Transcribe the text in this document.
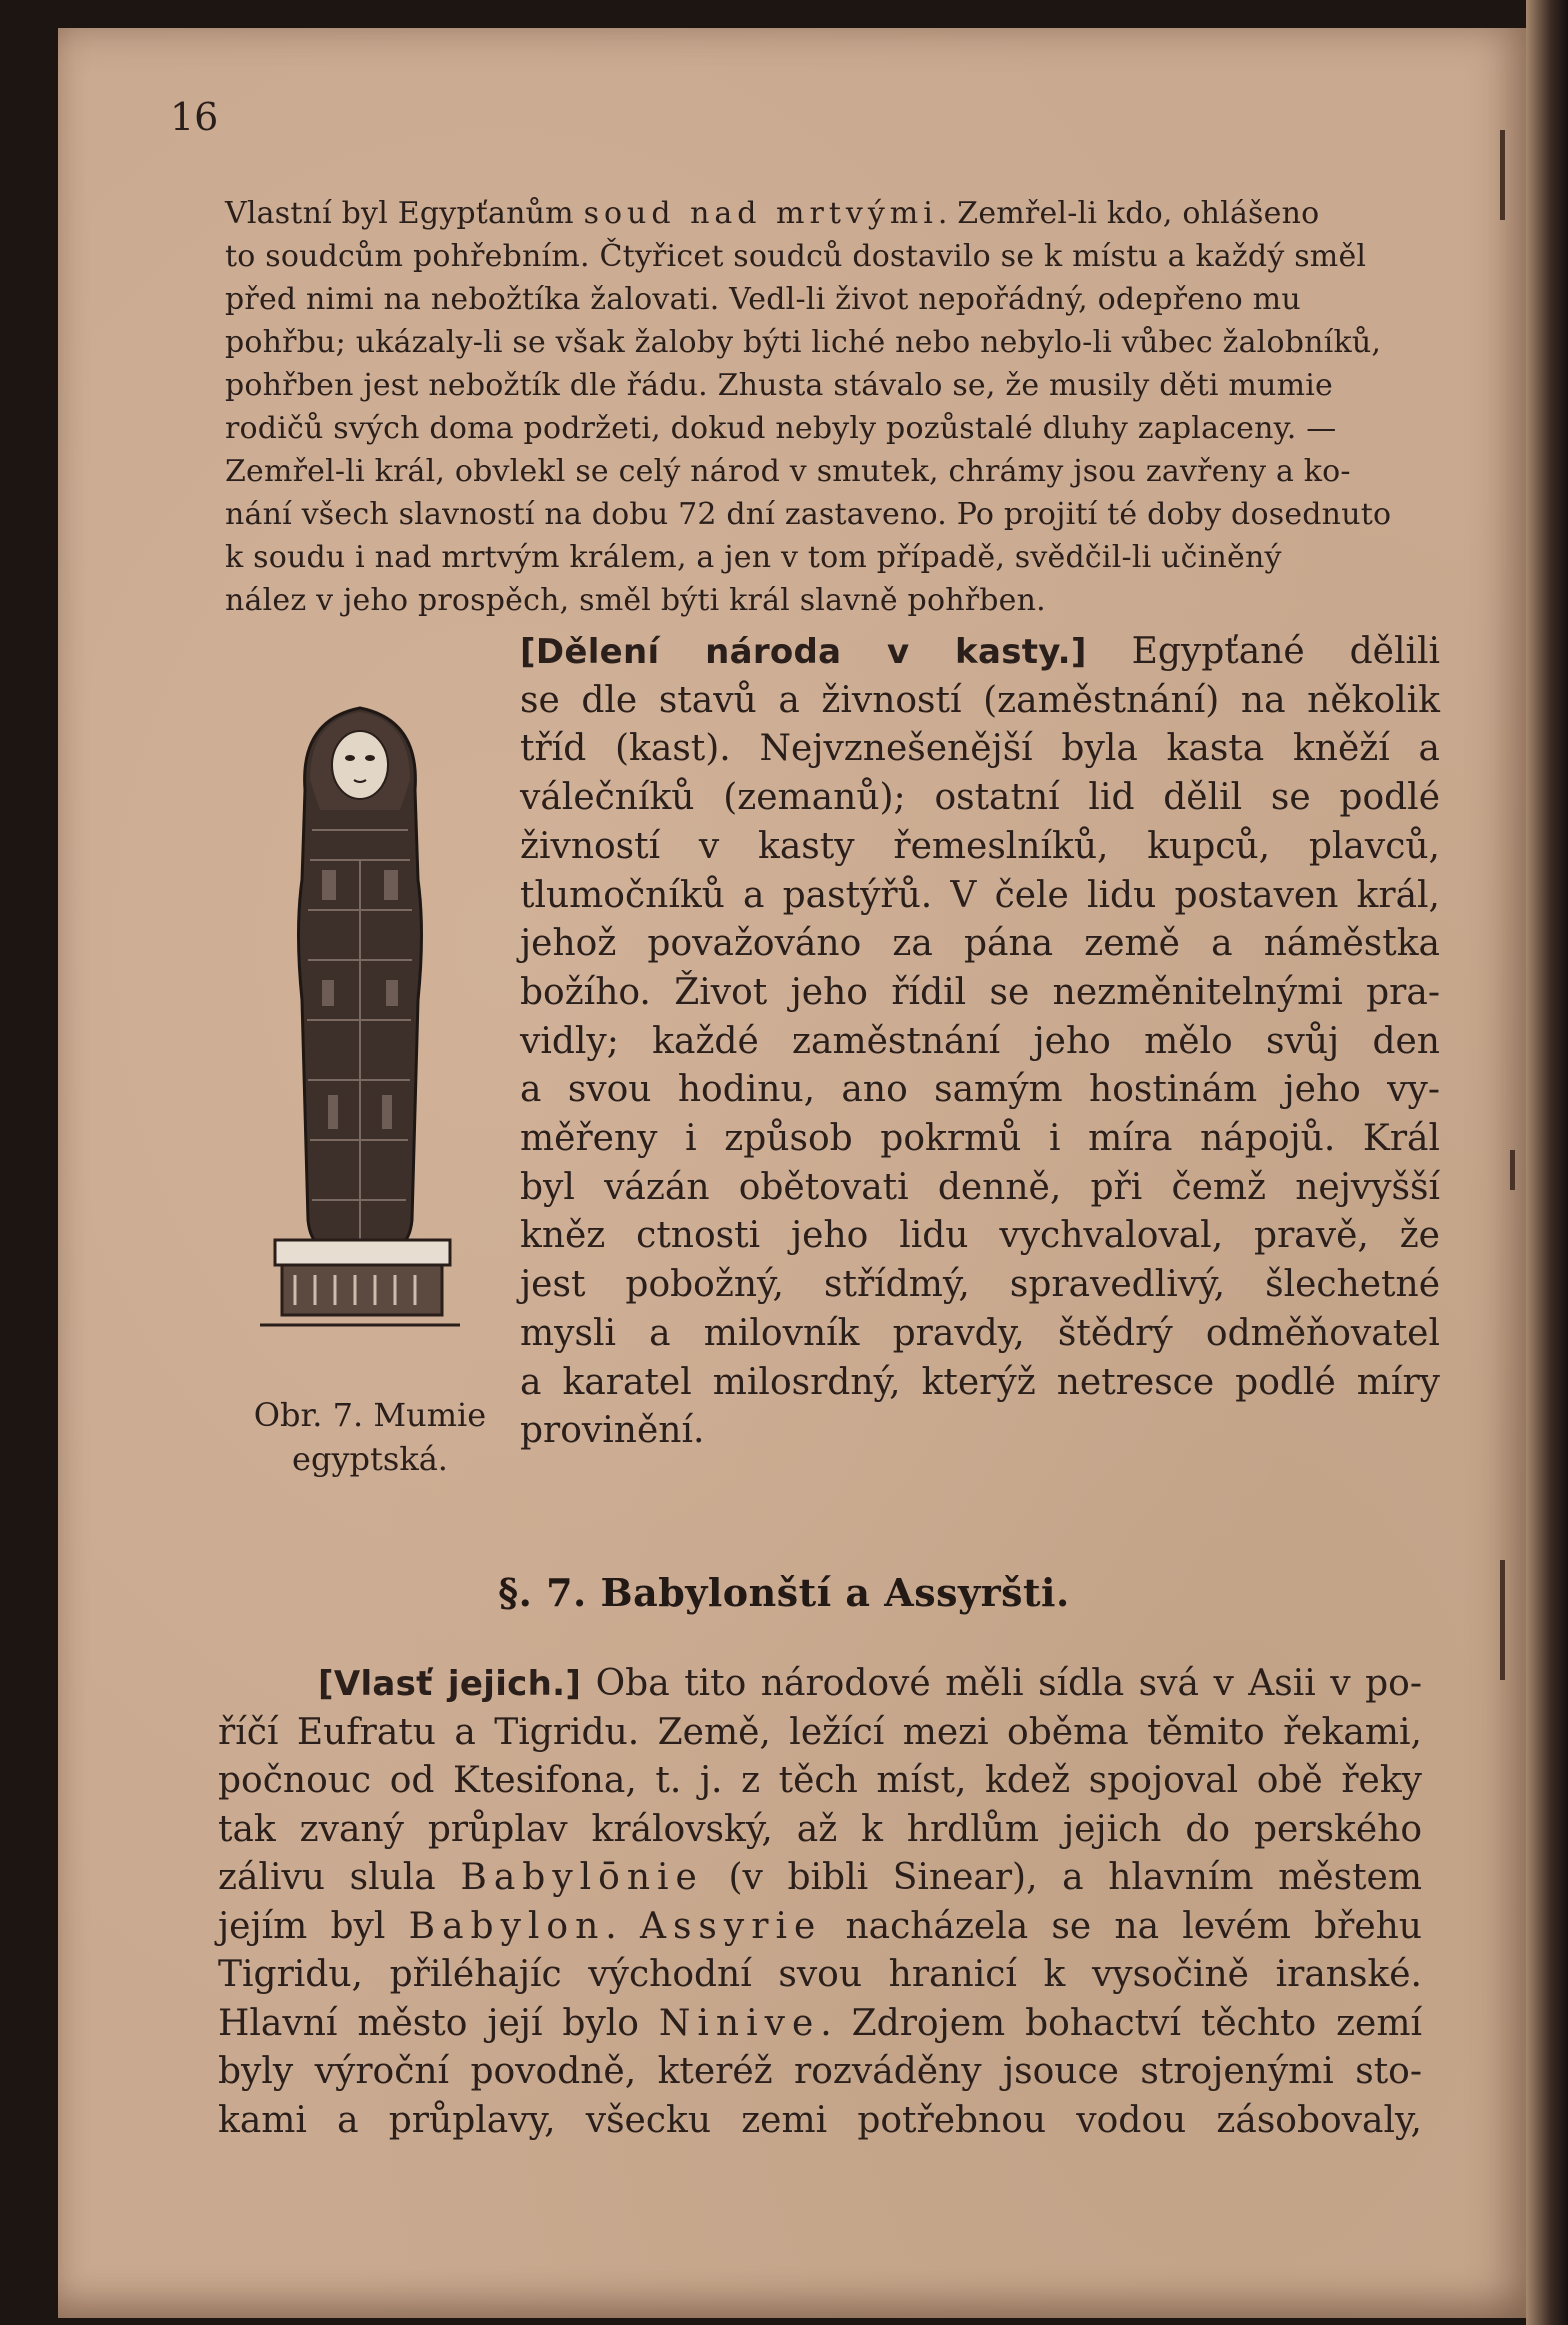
16
Vlastní byl Egypťanům soud nad mrtvými. Zemřel-li kdo, ohlášeno
to soudcům pohřebním. Čtyřicet soudců dostavilo se k místu a každý směl
před nimi na nebožtíka žalovati. Vedl-li život nepořádný, odepřeno mu
pohřbu; ukázaly-li se však žaloby býti liché nebo nebylo-li vůbec žalobníků,
pohřben jest nebožtík dle řádu. Zhusta stávalo se, že musily děti mumie
rodičů svých doma podržeti, dokud nebyly pozůstalé dluhy zaplaceny. —
Zemřel-li král, obvlekl se celý národ v smutek, chrámy jsou zavřeny a ko-
nání všech slavností na dobu 72 dní zastaveno. Po projití té doby dosednuto
k soudu i nad mrtvým králem, a jen v tom případě, svědčil-li učiněný
nález v jeho prospěch, směl býti král slavně pohřben.
Obr. 7. Mumie
egyptská.
[Dělení národa v kasty.] Egypťané dělili
se dle stavů a živností (zaměstnání) na několik
tříd (kast). Nejvznešenější byla kasta kněží a
válečníků (zemanů); ostatní lid dělil se podlé
živností v kasty řemeslníků, kupců, plavců,
tlumočníků a pastýřů. V čele lidu postaven král,
jehož považováno za pána země a náměstka
božího. Život jeho řídil se nezměnitelnými pra-
vidly; každé zaměstnání jeho mělo svůj den
a svou hodinu, ano samým hostinám jeho vy-
měřeny i způsob pokrmů i míra nápojů. Král
byl vázán obětovati denně, při čemž nejvyšší
kněz ctnosti jeho lidu vychvaloval, pravě, že
jest pobožný, střídmý, spravedlivý, šlechetné
mysli a milovník pravdy, štědrý odměňovatel
a karatel milosrdný, kterýž netresce podlé míry
provinění.
§. 7. Babylonští a Assyršti.
[Vlasť jejich.] Oba tito národové měli sídla svá v Asii v po-
říčí Eufratu a Tigridu. Země, ležící mezi oběma těmito řekami,
počnouc od Ktesifona, t. j. z těch míst, kdež spojoval obě řeky
tak zvaný průplav královský, až k hrdlům jejich do perského
zálivu slula Babylōnie (v bibli Sinear), a hlavním městem
jejím byl Babylon. Assyrie nacházela se na levém břehu
Tigridu, přiléhajíc východní svou hranicí k vysočině iranské.
Hlavní město její bylo Ninive. Zdrojem bohactví těchto zemí
byly výroční povodně, kteréž rozváděny jsouce strojenými sto-
kami a průplavy, všecku zemi potřebnou vodou zásobovaly,
